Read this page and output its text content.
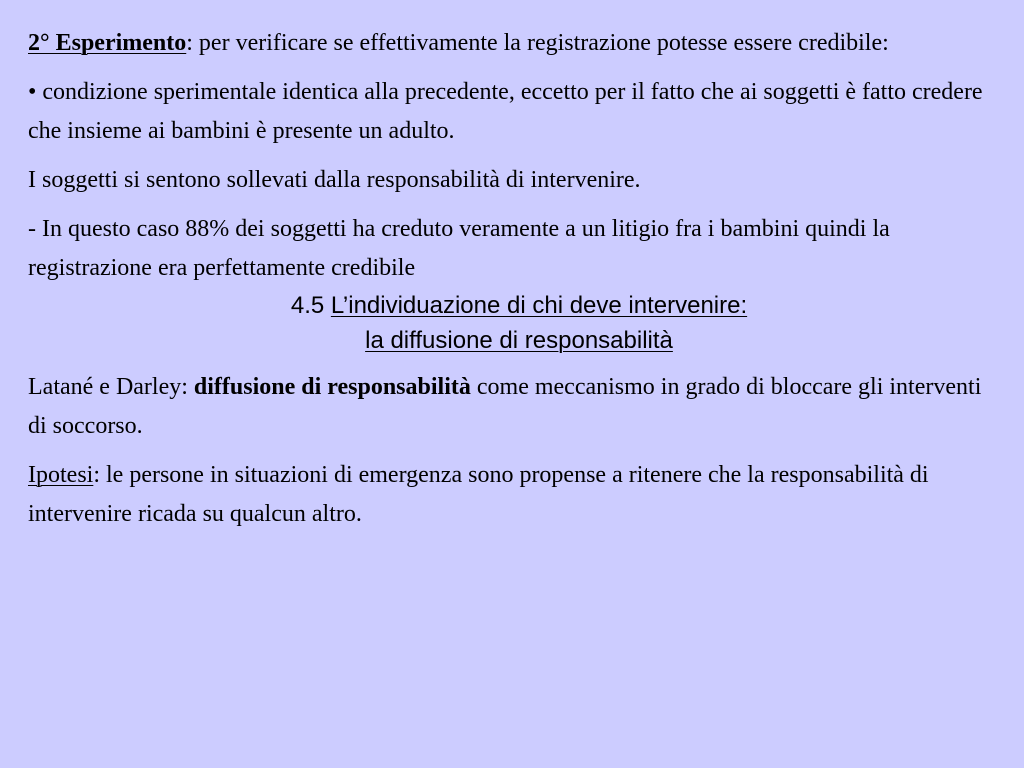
2° Esperimento: per verificare se effettivamente la registrazione potesse essere credibile:

• condizione sperimentale identica alla precedente, eccetto per il fatto che ai soggetti è fatto credere che insieme ai bambini è presente un adulto.

I soggetti si sentono sollevati dalla responsabilità di intervenire.

- In questo caso 88% dei soggetti ha creduto veramente a un litigio fra i bambini quindi la registrazione era perfettamente credibile

4.5 L’individuazione di chi deve intervenire:
la diffusione di responsabilità

Latané e Darley: diffusione di responsabilità come meccanismo in grado di bloccare gli interventi di soccorso.

Ipotesi: le persone in situazioni di emergenza sono propense a ritenere che la responsabilità di intervenire ricada su qualcun altro.
